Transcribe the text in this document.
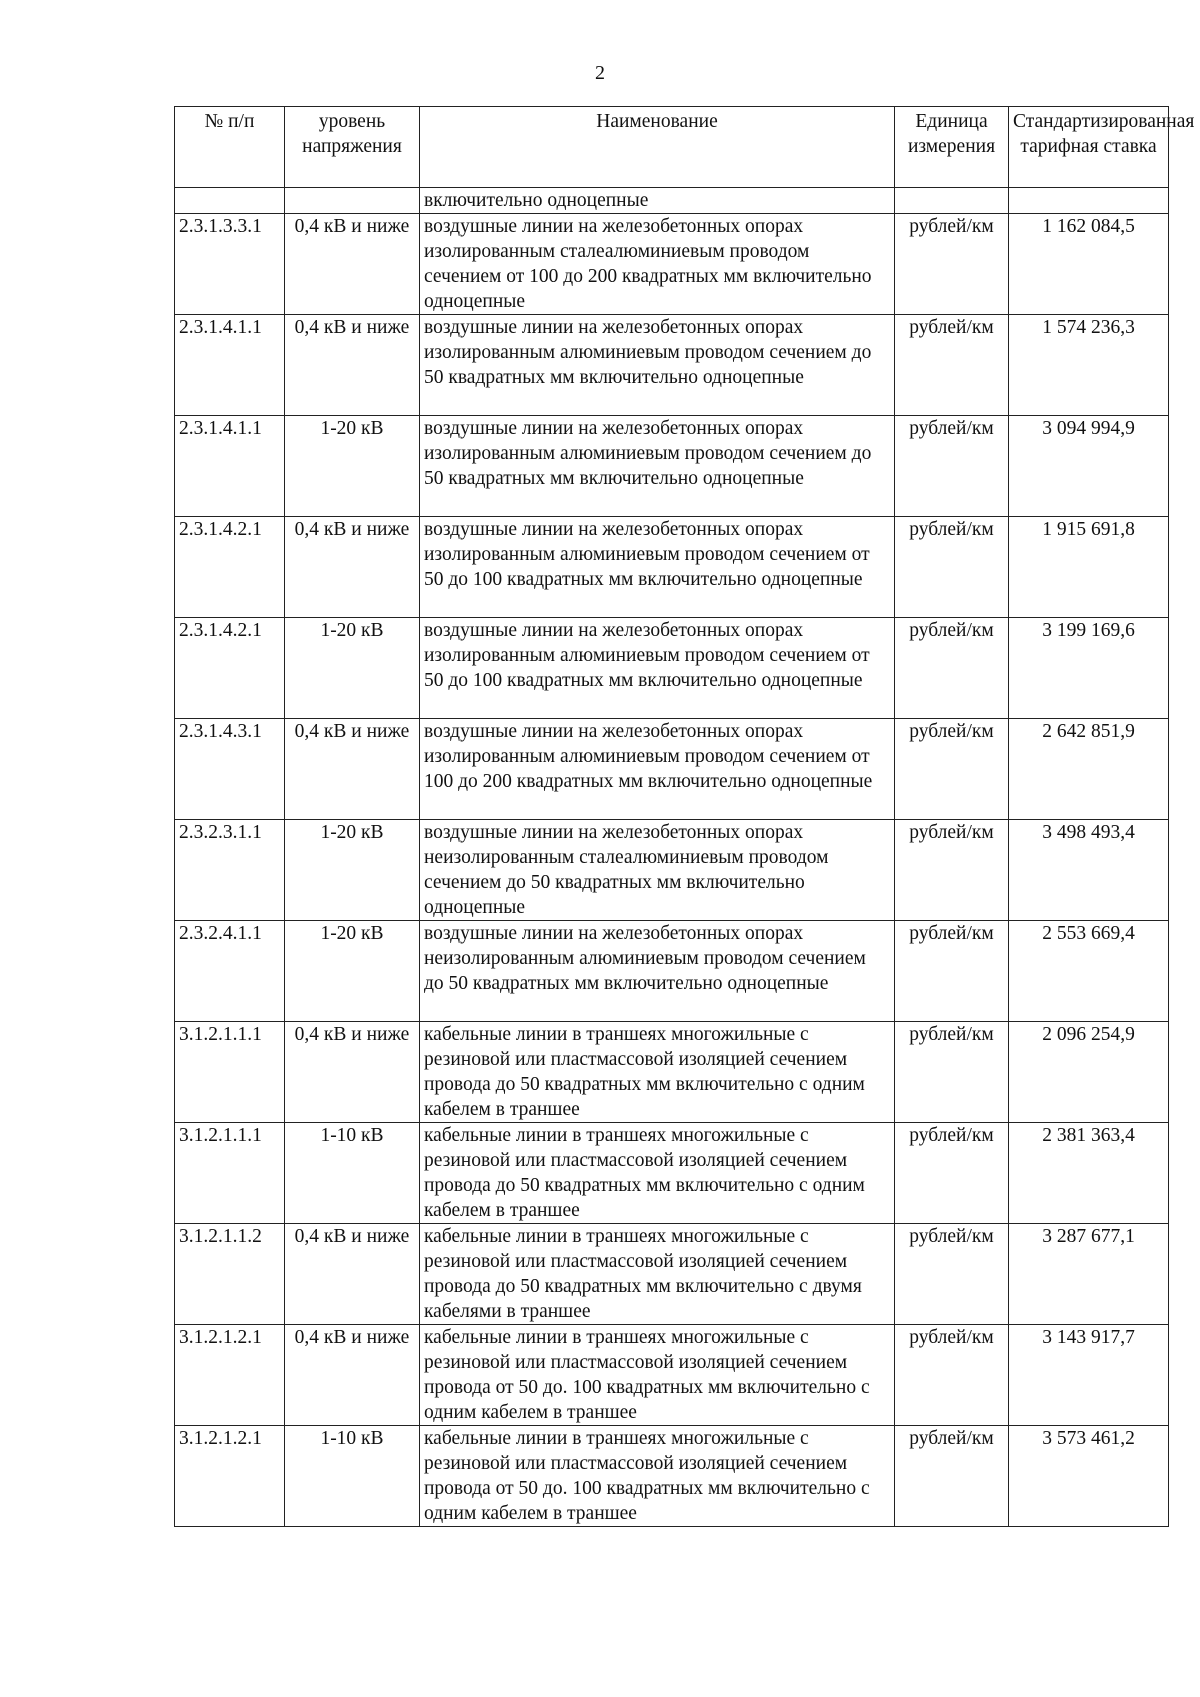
2
№ п/п	уровень напряжения	Наименование	Единица измерения	Стандартизированная тарифная ставка
		включительно одноцепные		
2.3.1.3.3.1	0,4 кВ и ниже	воздушные линии на железобетонных опорах изолированным сталеалюминиевым проводом сечением от 100 до 200 квадратных мм включительно одноцепные	рублей/км	1 162 084,5
2.3.1.4.1.1	0,4 кВ и ниже	воздушные линии на железобетонных опорах изолированным алюминиевым проводом сечением до 50 квадратных мм включительно одноцепные	рублей/км	1 574 236,3
2.3.1.4.1.1	1-20 кВ	воздушные линии на железобетонных опорах изолированным алюминиевым проводом сечением до 50 квадратных мм включительно одноцепные	рублей/км	3 094 994,9
2.3.1.4.2.1	0,4 кВ и ниже	воздушные линии на железобетонных опорах изолированным алюминиевым проводом сечением от 50 до 100 квадратных мм включительно одноцепные	рублей/км	1 915 691,8
2.3.1.4.2.1	1-20 кВ	воздушные линии на железобетонных опорах изолированным алюминиевым проводом сечением от 50 до 100 квадратных мм включительно одноцепные	рублей/км	3 199 169,6
2.3.1.4.3.1	0,4 кВ и ниже	воздушные линии на железобетонных опорах изолированным алюминиевым проводом сечением от 100 до 200 квадратных мм включительно одноцепные	рублей/км	2 642 851,9
2.3.2.3.1.1	1-20 кВ	воздушные линии на железобетонных опорах неизолированным сталеалюминиевым проводом сечением до 50 квадратных мм включительно одноцепные	рублей/км	3 498 493,4
2.3.2.4.1.1	1-20 кВ	воздушные линии на железобетонных опорах неизолированным алюминиевым проводом сечением до 50 квадратных мм включительно одноцепные	рублей/км	2 553 669,4
3.1.2.1.1.1	0,4 кВ и ниже	кабельные линии в траншеях многожильные с резиновой или пластмассовой изоляцией сечением провода до 50 квадратных мм включительно с одним кабелем в траншее	рублей/км	2 096 254,9
3.1.2.1.1.1	1-10 кВ	кабельные линии в траншеях многожильные с резиновой или пластмассовой изоляцией сечением провода до 50 квадратных мм включительно с одним кабелем в траншее	рублей/км	2 381 363,4
3.1.2.1.1.2	0,4 кВ и ниже	кабельные линии в траншеях многожильные с резиновой или пластмассовой изоляцией сечением провода до 50 квадратных мм включительно с двумя кабелями в траншее	рублей/км	3 287 677,1
3.1.2.1.2.1	0,4 кВ и ниже	кабельные линии в траншеях многожильные с резиновой или пластмассовой изоляцией сечением провода от 50 до. 100 квадратных мм включительно с одним кабелем в траншее	рублей/км	3 143 917,7
3.1.2.1.2.1	1-10 кВ	кабельные линии в траншеях многожильные с резиновой или пластмассовой изоляцией сечением провода от 50 до. 100 квадратных мм включительно с одним кабелем в траншее	рублей/км	3 573 461,2
